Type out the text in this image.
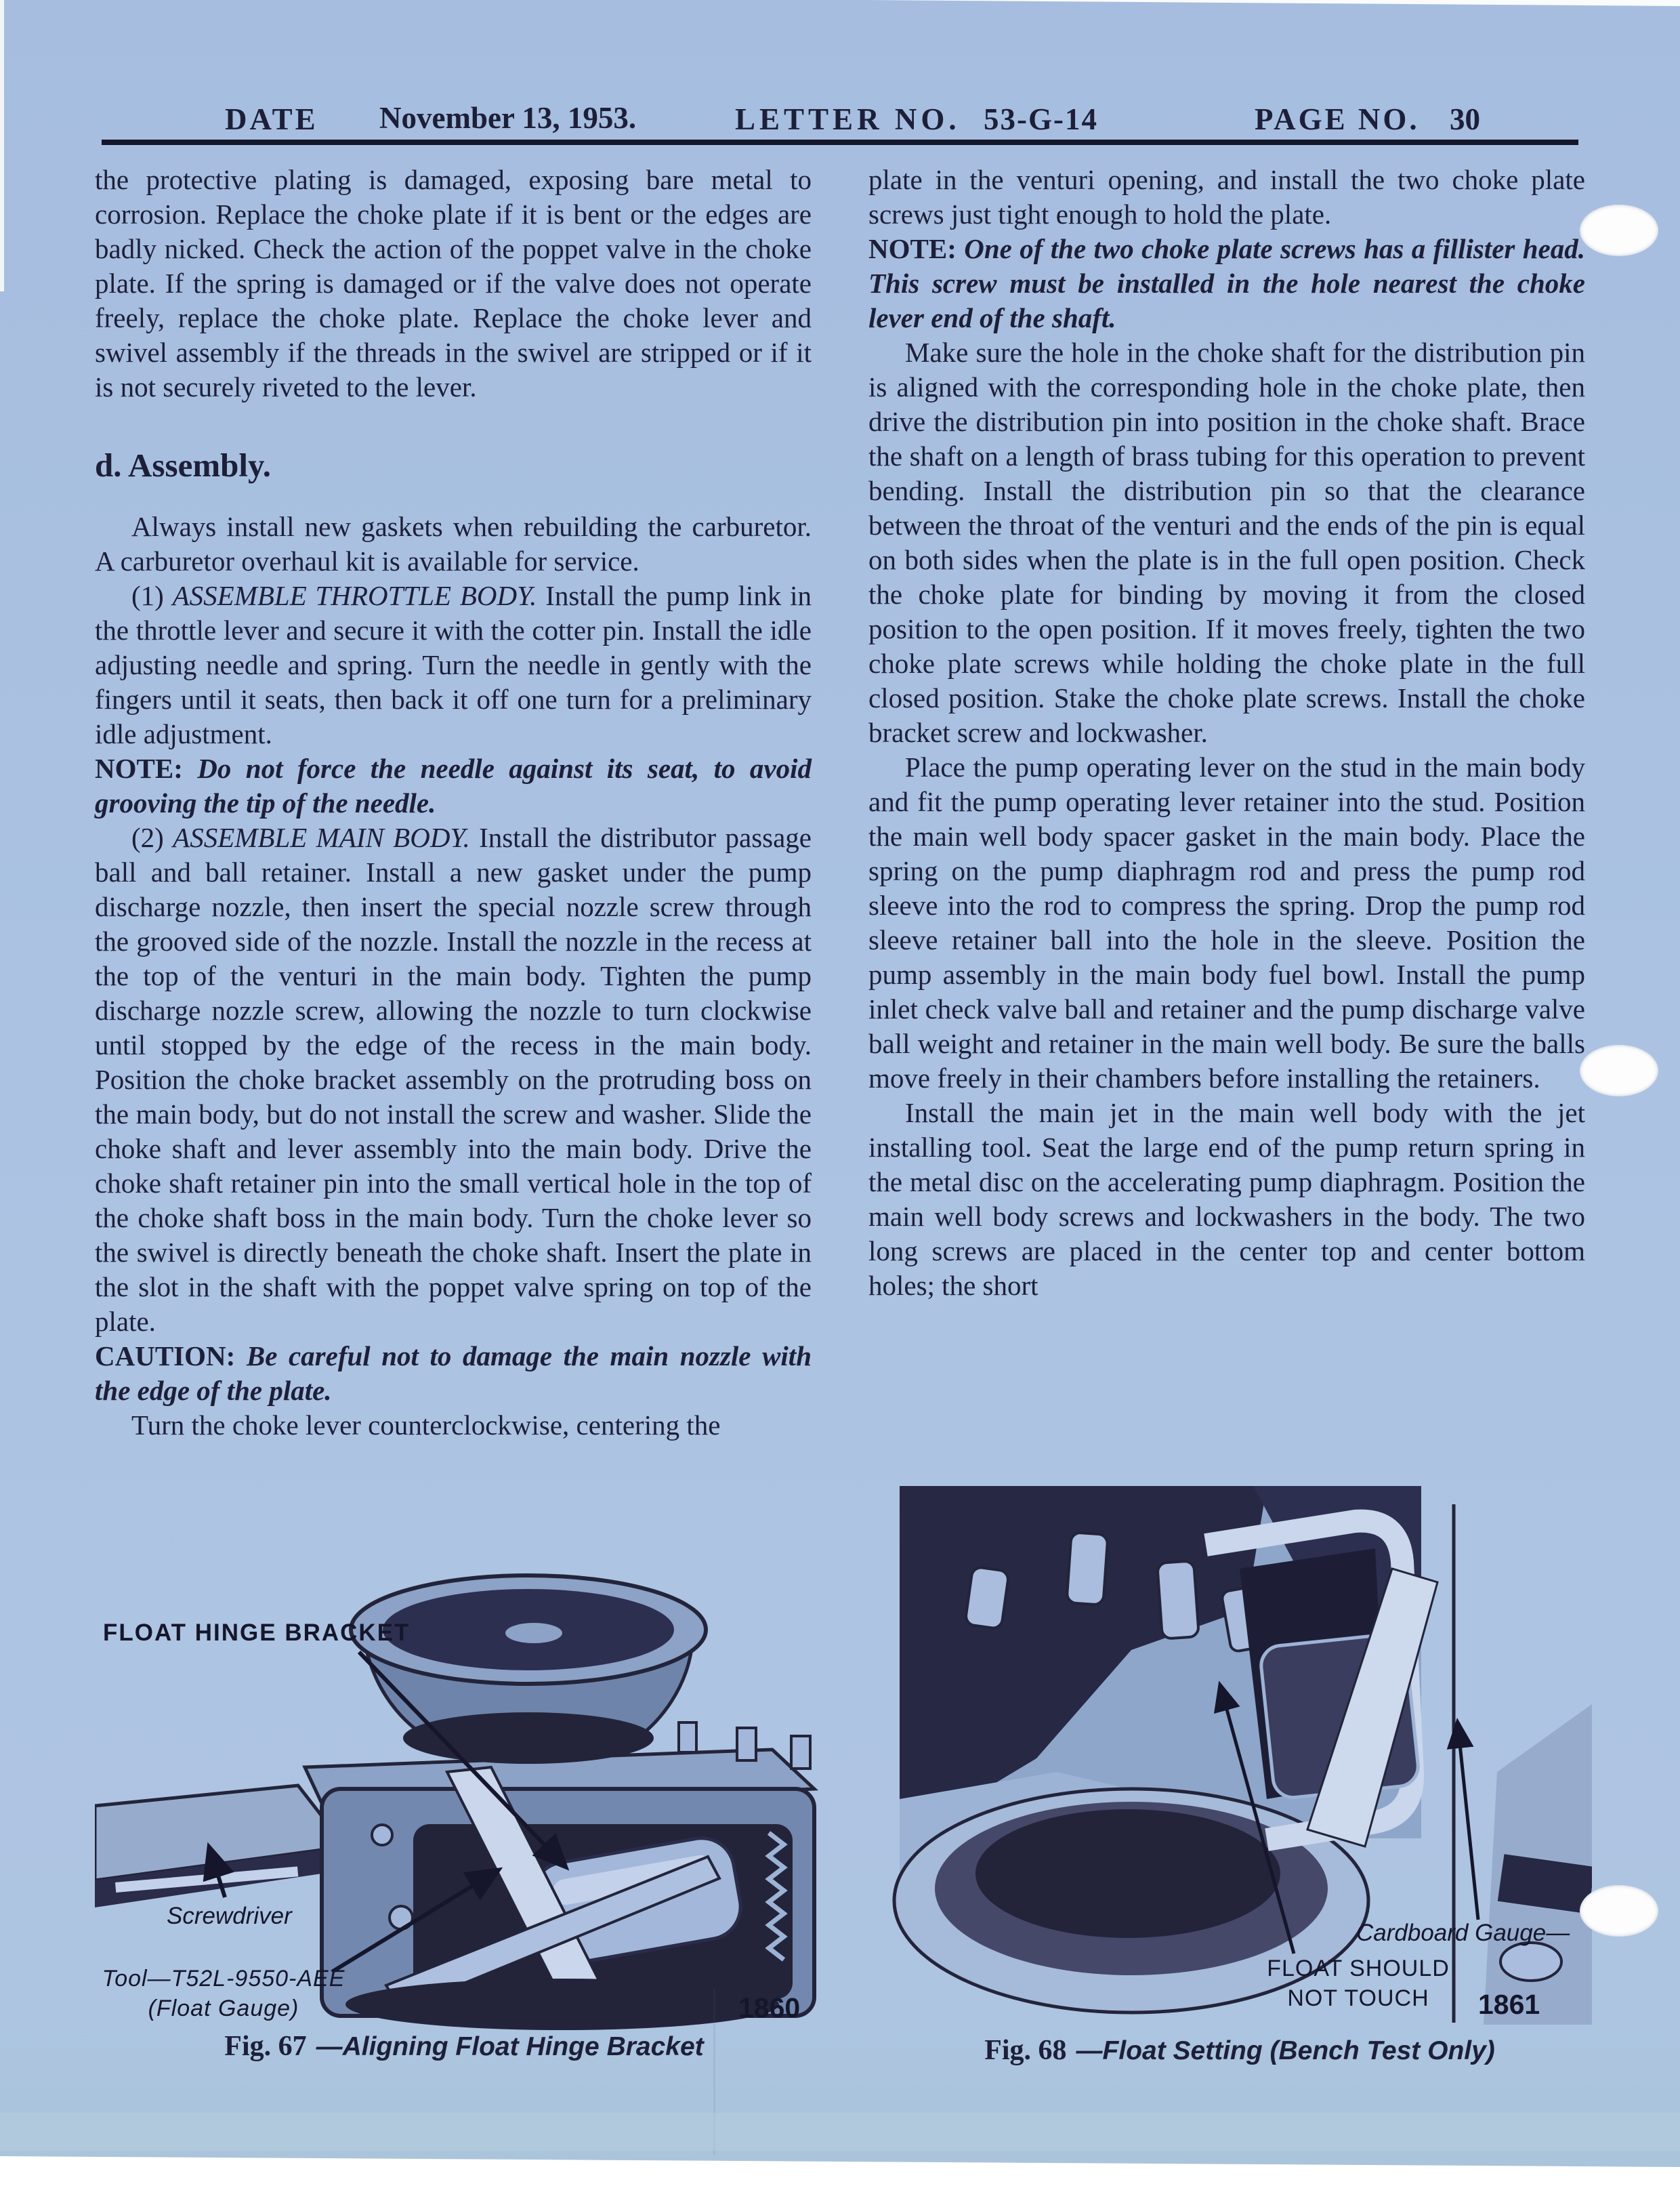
DATE November 13, 1953.	LETTER NO. 53-G-14	PAGE NO. 30

the protective plating is damaged, exposing bare metal to corrosion. Replace the choke plate if it is bent or the edges are badly nicked. Check the action of the poppet valve in the choke plate. If the spring is damaged or if the valve does not operate freely, replace the choke plate. Replace the choke lever and swivel assembly if the threads in the swivel are stripped or if it is not securely riveted to the lever.

d. Assembly.

Always install new gaskets when rebuilding the carburetor. A carburetor overhaul kit is available for service.

(1) ASSEMBLE THROTTLE BODY. Install the pump link in the throttle lever and secure it with the cotter pin. Install the idle adjusting needle and spring. Turn the needle in gently with the fingers until it seats, then back it off one turn for a preliminary idle adjustment.

NOTE: Do not force the needle against its seat, to avoid grooving the tip of the needle.

(2) ASSEMBLE MAIN BODY. Install the distributor passage ball and ball retainer. Install a new gasket under the pump discharge nozzle, then insert the special nozzle screw through the grooved side of the nozzle. Install the nozzle in the recess at the top of the venturi in the main body. Tighten the pump discharge nozzle screw, allowing the nozzle to turn clockwise until stopped by the edge of the recess in the main body. Position the choke bracket assembly on the protruding boss on the main body, but do not install the screw and washer. Slide the choke shaft and lever assembly into the main body. Drive the choke shaft retainer pin into the small vertical hole in the top of the choke shaft boss in the main body. Turn the choke lever so the swivel is directly beneath the choke shaft. Insert the plate in the slot in the shaft with the poppet valve spring on top of the plate.

CAUTION: Be careful not to damage the main nozzle with the edge of the plate.

Turn the choke lever counterclockwise, centering the

plate in the venturi opening, and install the two choke plate screws just tight enough to hold the plate.

NOTE: One of the two choke plate screws has a fillister head. This screw must be installed in the hole nearest the choke lever end of the shaft.

Make sure the hole in the choke shaft for the distribution pin is aligned with the corresponding hole in the choke plate, then drive the distribution pin into position in the choke shaft. Brace the shaft on a length of brass tubing for this operation to prevent bending. Install the distribution pin so that the clearance between the throat of the venturi and the ends of the pin is equal on both sides when the plate is in the full open position. Check the choke plate for binding by moving it from the closed position to the open position. If it moves freely, tighten the two choke plate screws while holding the choke plate in the full closed position. Stake the choke plate screws. Install the choke bracket screw and lockwasher.

Place the pump operating lever on the stud in the main body and fit the pump operating lever retainer into the stud. Position the main well body spacer gasket in the main body. Place the spring on the pump diaphragm rod and press the pump rod sleeve into the rod to compress the spring. Drop the pump rod sleeve retainer ball into the hole in the sleeve. Position the pump assembly in the main body fuel bowl. Install the pump inlet check valve ball and retainer and the pump discharge valve ball weight and retainer in the main well body. Be sure the balls move freely in their chambers before installing the retainers.

Install the main jet in the main well body with the jet installing tool. Seat the large end of the pump return spring in the metal disc on the accelerating pump diaphragm. Position the main well body screws and lockwashers in the body. The two long screws are placed in the center top and center bottom holes; the short

FLOAT HINGE BRACKET
Screwdriver
Tool—T52L-9550-AEE
(Float Gauge)	1860
Fig. 67 —Aligning Float Hinge Bracket
Cardboard Gauge—
FLOAT SHOULD
NOT TOUCH	1861
Fig. 68 —Float Setting (Bench Test Only)
